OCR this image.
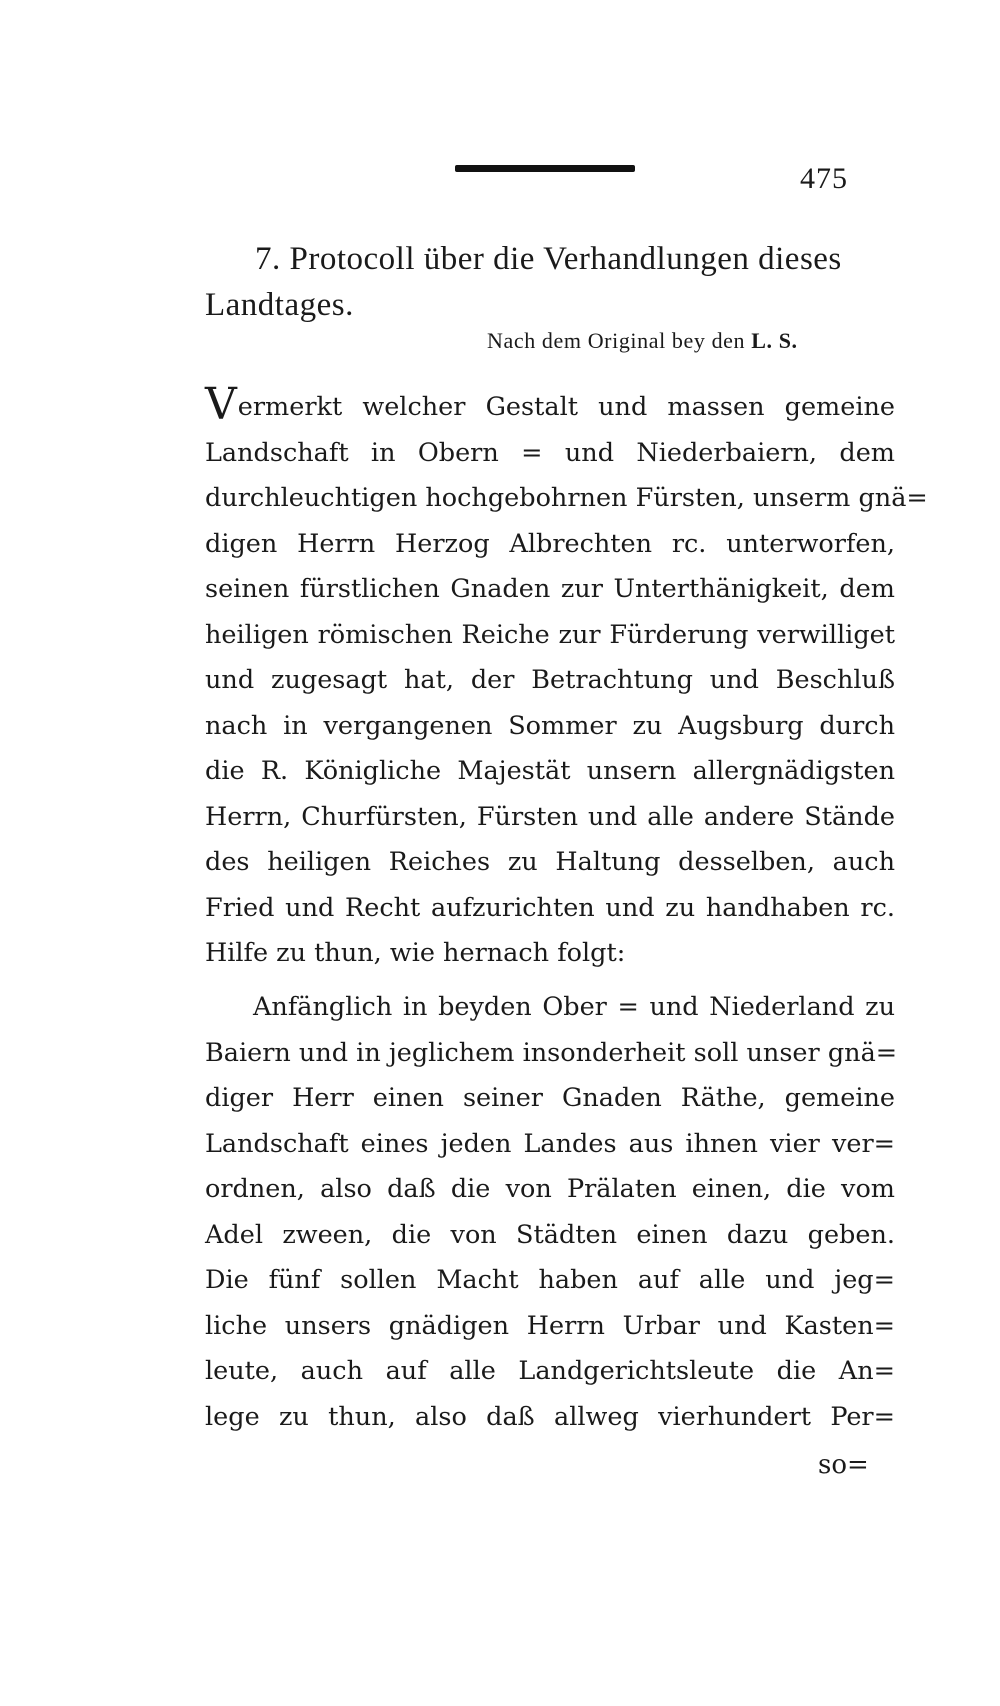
475
7. Protocoll über die Verhandlungen dieses
Landtages.
Nach dem Original bey den L. S.
Vermerkt welcher Gestalt und massen gemeine
Landschaft in Obern = und Niederbaiern, dem
durchleuchtigen hochgebohrnen Fürsten, unserm gnä=
digen Herrn Herzog Albrechten rc. unterworfen,
seinen fürstlichen Gnaden zur Unterthänigkeit, dem
heiligen römischen Reiche zur Fürderung verwilliget
und zugesagt hat, der Betrachtung und Beschluß
nach in vergangenen Sommer zu Augsburg durch
die R. Königliche Majestät unsern allergnädigsten
Herrn, Churfürsten, Fürsten und alle andere Stände
des heiligen Reiches zu Haltung desselben, auch
Fried und Recht aufzurichten und zu handhaben rc.
Hilfe zu thun, wie hernach folgt:
Anfänglich in beyden Ober = und Niederland zu
Baiern und in jeglichem insonderheit soll unser gnä=
diger Herr einen seiner Gnaden Räthe, gemeine
Landschaft eines jeden Landes aus ihnen vier ver=
ordnen, also daß die von Prälaten einen, die vom
Adel zween, die von Städten einen dazu geben.
Die fünf sollen Macht haben auf alle und jeg=
liche unsers gnädigen Herrn Urbar und Kasten=
leute, auch auf alle Landgerichtsleute die An=
lege zu thun, also daß allweg vierhundert Per=
so=
